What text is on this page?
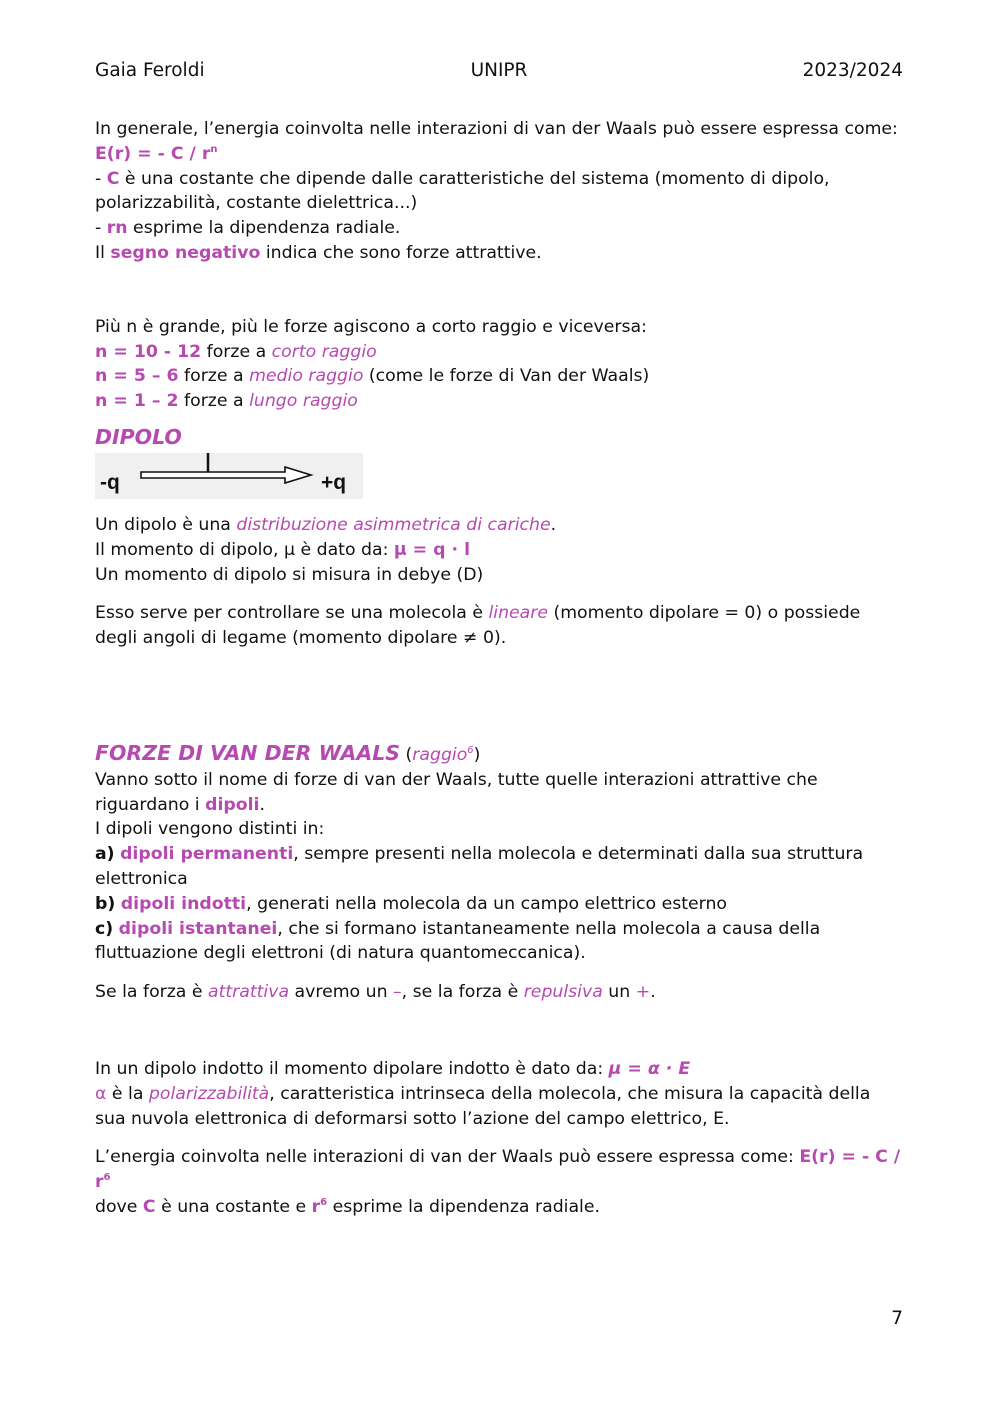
Gaia Feroldi	UNIPR	2023/2024

In generale, l’energia coinvolta nelle interazioni di van der Waals può essere espressa come:

E(r) = - C / $r^n$

- C è una costante che dipende dalle caratteristiche del sistema (momento di dipolo, polarizzabilità, costante dielettrica...)

- rn esprime la dipendenza radiale.

Il segno negativo indica che sono forze attrattive.

Più n è grande, più le forze agiscono a corto raggio e viceversa:

n = 10 - 12 forze a corto raggio

n = 5 – 6 forze a medio raggio (come le forze di Van der Waals)

n = 1 – 2 forze a lungo raggio

DIPOLO

-q	+q

Un dipolo è una distribuzione asimmetrica di cariche.

Il momento di dipolo, μ è dato da: μ = q · l

Un momento di dipolo si misura in debye (D)

Esso serve per controllare se una molecola è lineare (momento dipolare = 0) o possiede degli angoli di legame (momento dipolare ≠ 0).

FORZE DI VAN DER WAALS (raggio$^6$)

Vanno sotto il nome di forze di van der Waals, tutte quelle interazioni attrattive che riguardano i dipoli.

I dipoli vengono distinti in:

a) dipoli permanenti, sempre presenti nella molecola e determinati dalla sua struttura elettronica

b) dipoli indotti, generati nella molecola da un campo elettrico esterno

c) dipoli istantanei, che si formano istantaneamente nella molecola a causa della fluttuazione degli elettroni (di natura quantomeccanica).

Se la forza è attrattiva avremo un –, se la forza è repulsiva un +.

In un dipolo indotto il momento dipolare indotto è dato da: μ = α · E

α è la polarizzabilità, caratteristica intrinseca della molecola, che misura la capacità della sua nuvola elettronica di deformarsi sotto l’azione del campo elettrico, E.

L’energia coinvolta nelle interazioni di van der Waals può essere espressa come: E(r) = - C / $r^6$

dove C è una costante e $r^6$ esprime la dipendenza radiale.

7
